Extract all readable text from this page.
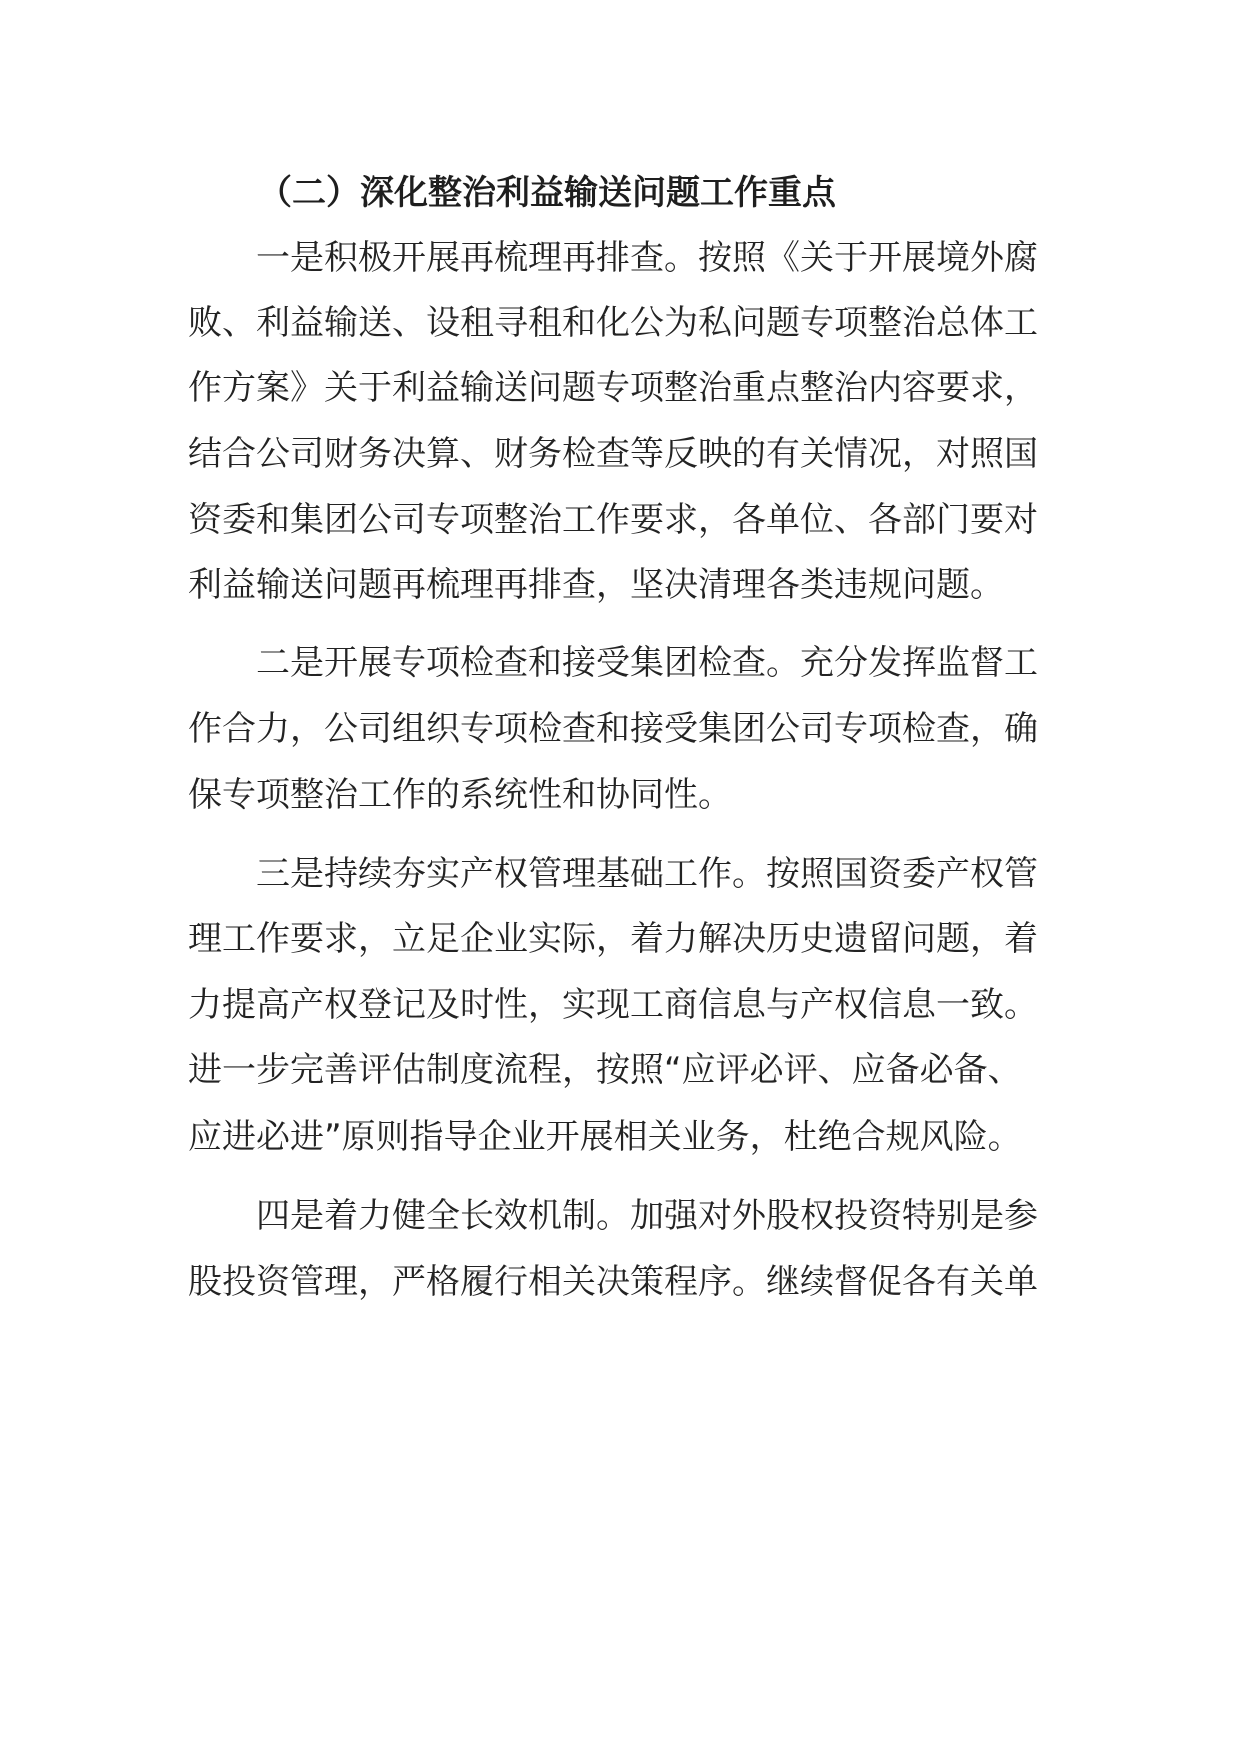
（二）深化整治利益输送问题工作重点

一是积极开展再梳理再排查。按照《关于开展境外腐

败、利益输送、设租寻租和化公为私问题专项整治总体工

作方案》关于利益输送问题专项整治重点整治内容要求，

结合公司财务决算、财务检查等反映的有关情况，对照国

资委和集团公司专项整治工作要求，各单位、各部门要对

利益输送问题再梳理再排查，坚决清理各类违规问题。

二是开展专项检查和接受集团检查。充分发挥监督工

作合力，公司组织专项检查和接受集团公司专项检查，确

保专项整治工作的系统性和协同性。

三是持续夯实产权管理基础工作。按照国资委产权管

理工作要求，立足企业实际，着力解决历史遗留问题，着

力提高产权登记及时性，实现工商信息与产权信息一致。

进一步完善评估制度流程，按照“应评必评、应备必备、

应进必进”原则指导企业开展相关业务，杜绝合规风险。

四是着力健全长效机制。加强对外股权投资特别是参

股投资管理，严格履行相关决策程序。继续督促各有关单
